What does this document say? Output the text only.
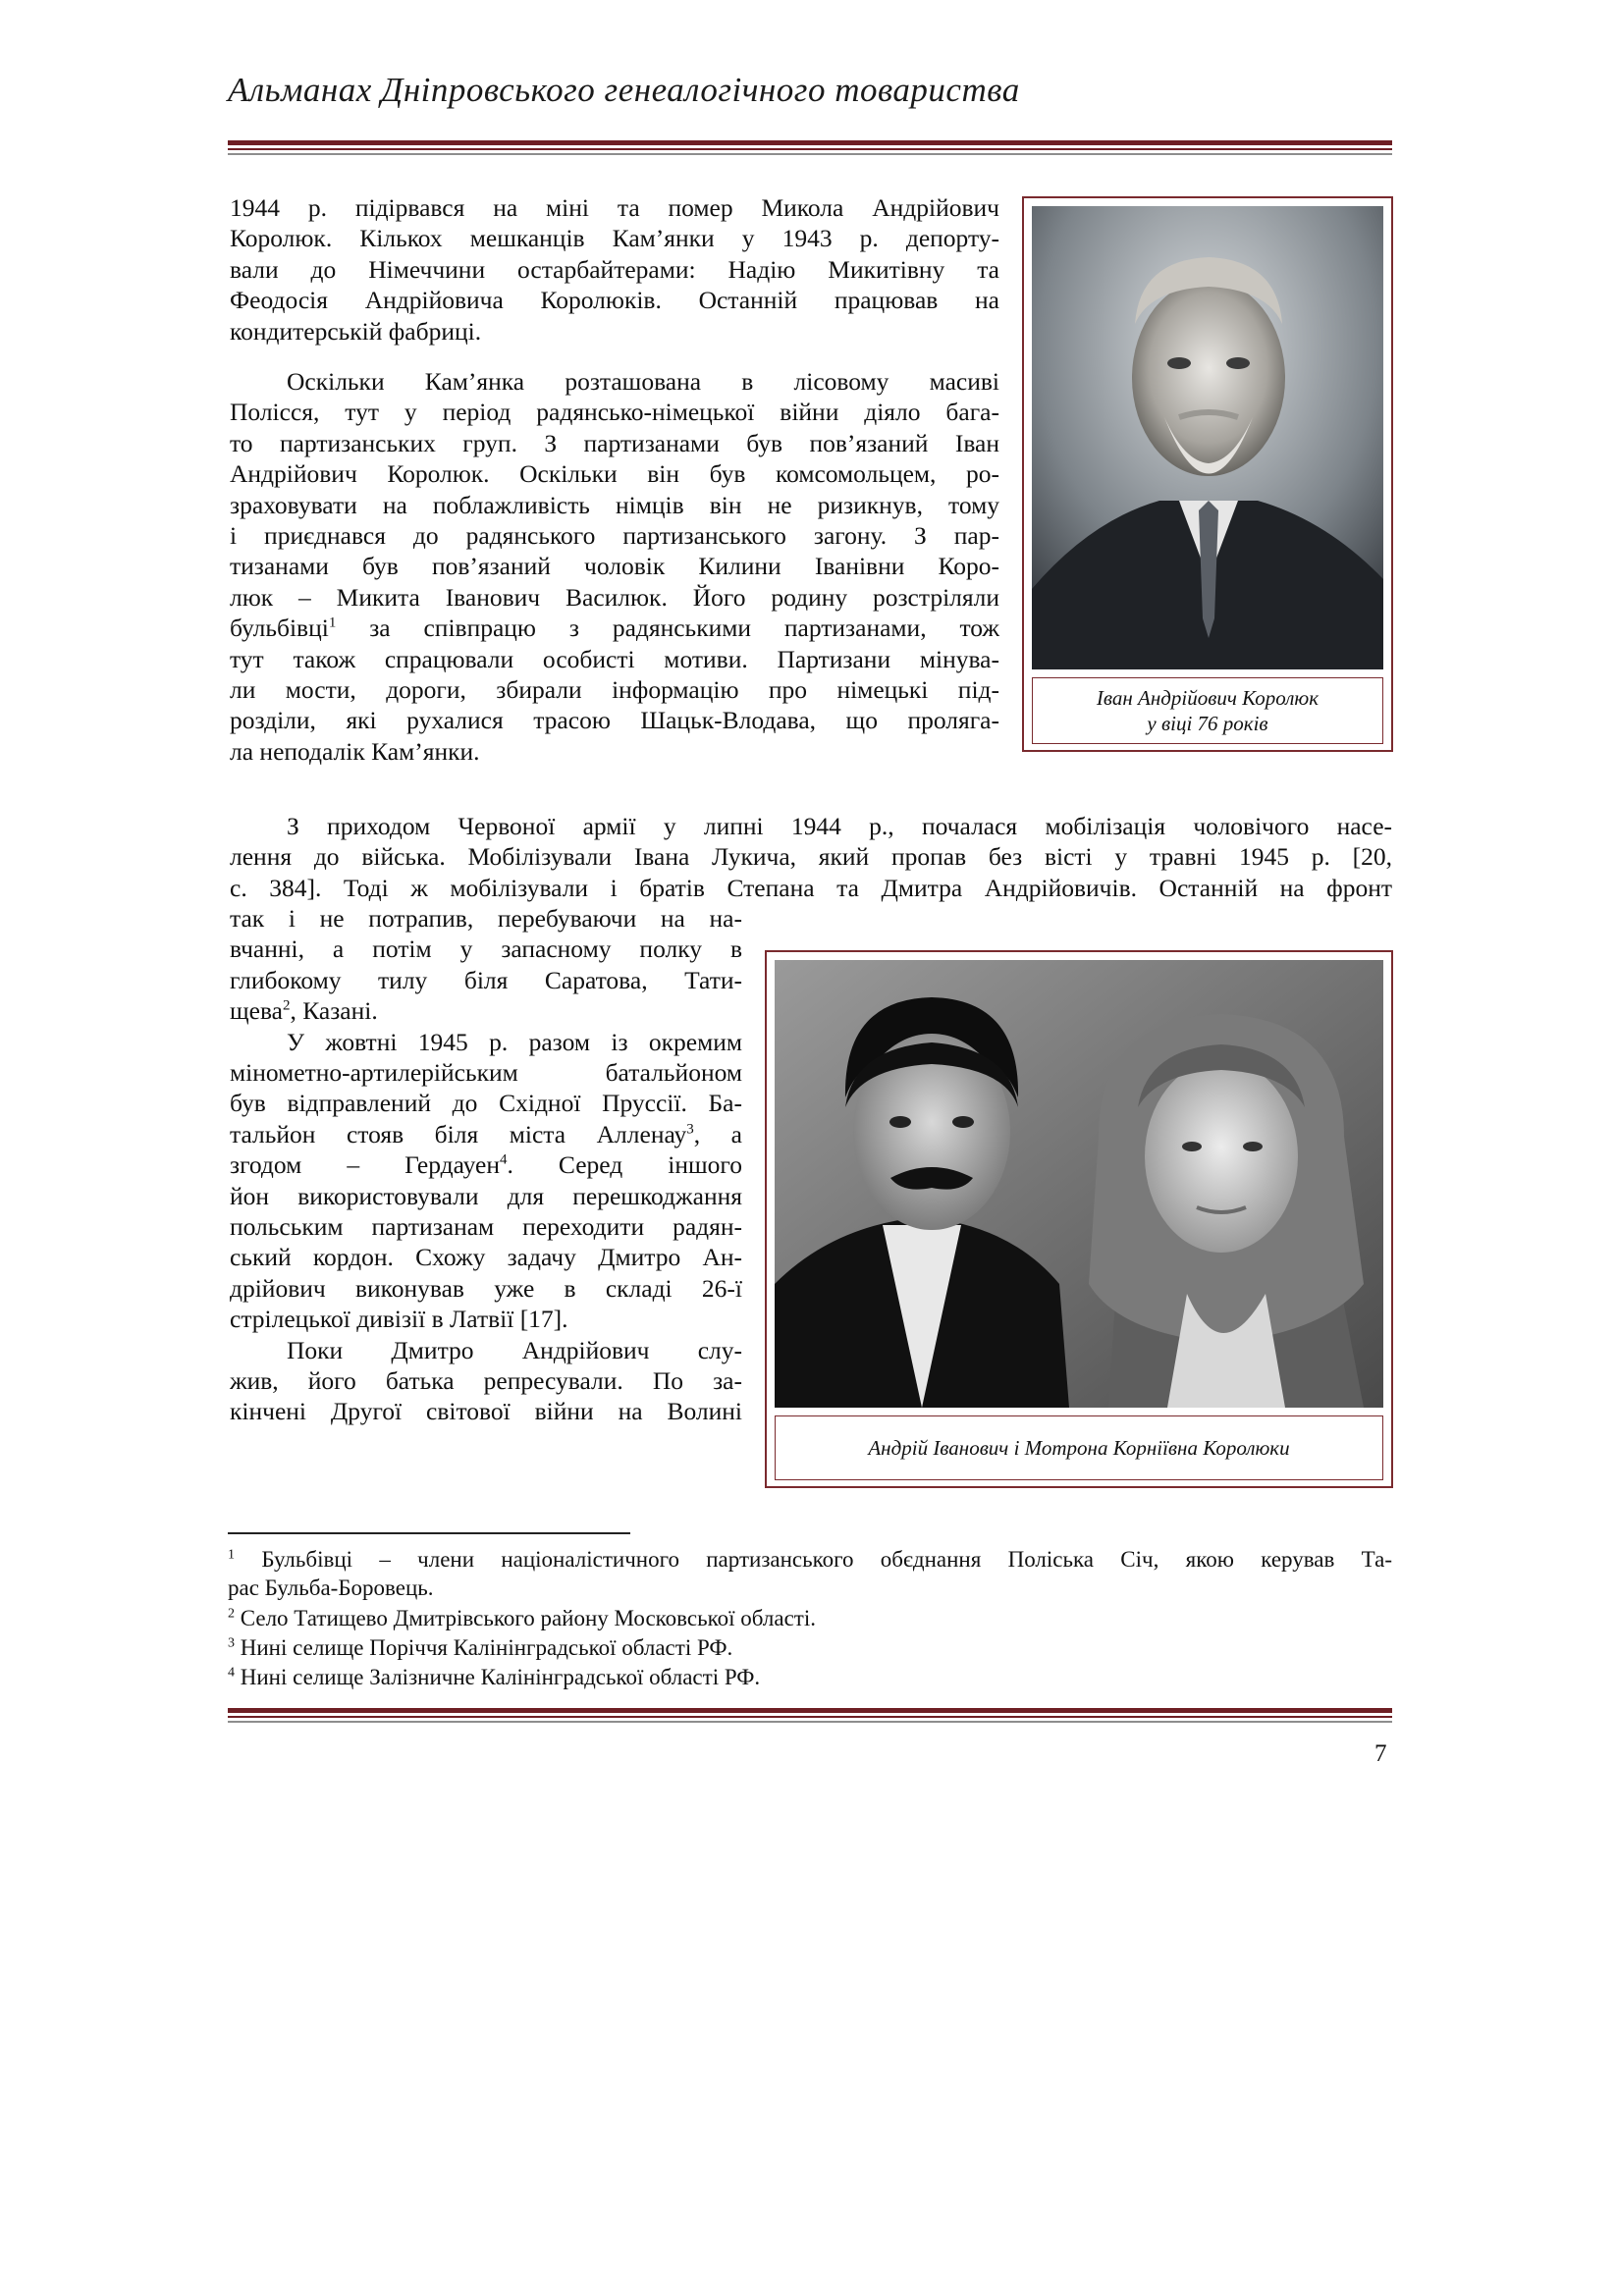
Альманах Дніпровського генеалогічного товариства
1944 р. підірвався на міні та помер Микола Андрійович
Королюк. Кількох мешканців Кам’янки у 1943 р. депорту-
вали до Німеччини остарбайтерами: Надію Микитівну та
Феодосія Андрійовича Королюків. Останній працював на
кондитерській фабриці.
Оскільки Кам’янка розташована в лісовому масиві
Полісся, тут у період радянсько-німецької війни діяло бага-
то партизанських груп. З партизанами був пов’язаний Іван
Андрійович Королюк. Оскільки він був комсомольцем, ро-
зраховувати на поблажливість німців він не ризикнув, тому
і приєднався до радянського партизанського загону. З пар-
тизанами був пов’язаний чоловік Килини Іванівни Коро-
люк – Микита Іванович Василюк. Його родину розстріляли
бульбівці$^1$ за співпрацю з радянськими партизанами, тож
тут також спрацювали особисті мотиви. Партизани мінува-
ли мости, дороги, збирали інформацію про німецькі під-
розділи, які рухалися трасою Шацьк-Влодава, що проляга-
ла неподалік Кам’янки.
З приходом Червоної армії у липні 1944 р., почалася мобілізація чоловічого насе-
лення до війська. Мобілізували Івана Лукича, який пропав без вісті у травні 1945 р. [20,
с. 384]. Тоді ж мобілізували і братів Степана та Дмитра Андрійовичів. Останній на фронт
так і не потрапив, перебуваючи на на-
вчанні, а потім у запасному полку в
глибокому тилу біля Саратова, Тати-
щева$^2$, Казані.
У жовтні 1945 р. разом із окремим
мінометно-артилерійським батальйоном
був відправлений до Східної Пруссії. Ба-
тальйон стояв біля міста Алленау$^3$, а
згодом – Гердауен$^4$. Серед іншого
йон використовували для перешкоджання
польським партизанам переходити радян-
ський кордон. Схожу задачу Дмитро Ан-
дрійович виконував уже в складі 26-ї
стрілецької дивізії в Латвії [17].
Поки Дмитро Андрійович слу-
жив, його батька репресували. По за-
кінчені Другої світової війни на Волині
Іван Андрійович Королюк
у віці 76 років
Андрій Іванович і Мотрона Корніївна Королюки

$^1$ Бульбівці – члени націоналістичного партизанського обєднання Поліська Січ, якою керував Та-

рас Бульба-Боровець.

$^2$ Село Татищево Дмитрівського району Московської області.

$^3$ Нині селище Поріччя Калінінградської області РФ.

$^4$ Нині селище Залізничне Калінінградської області РФ.

7
